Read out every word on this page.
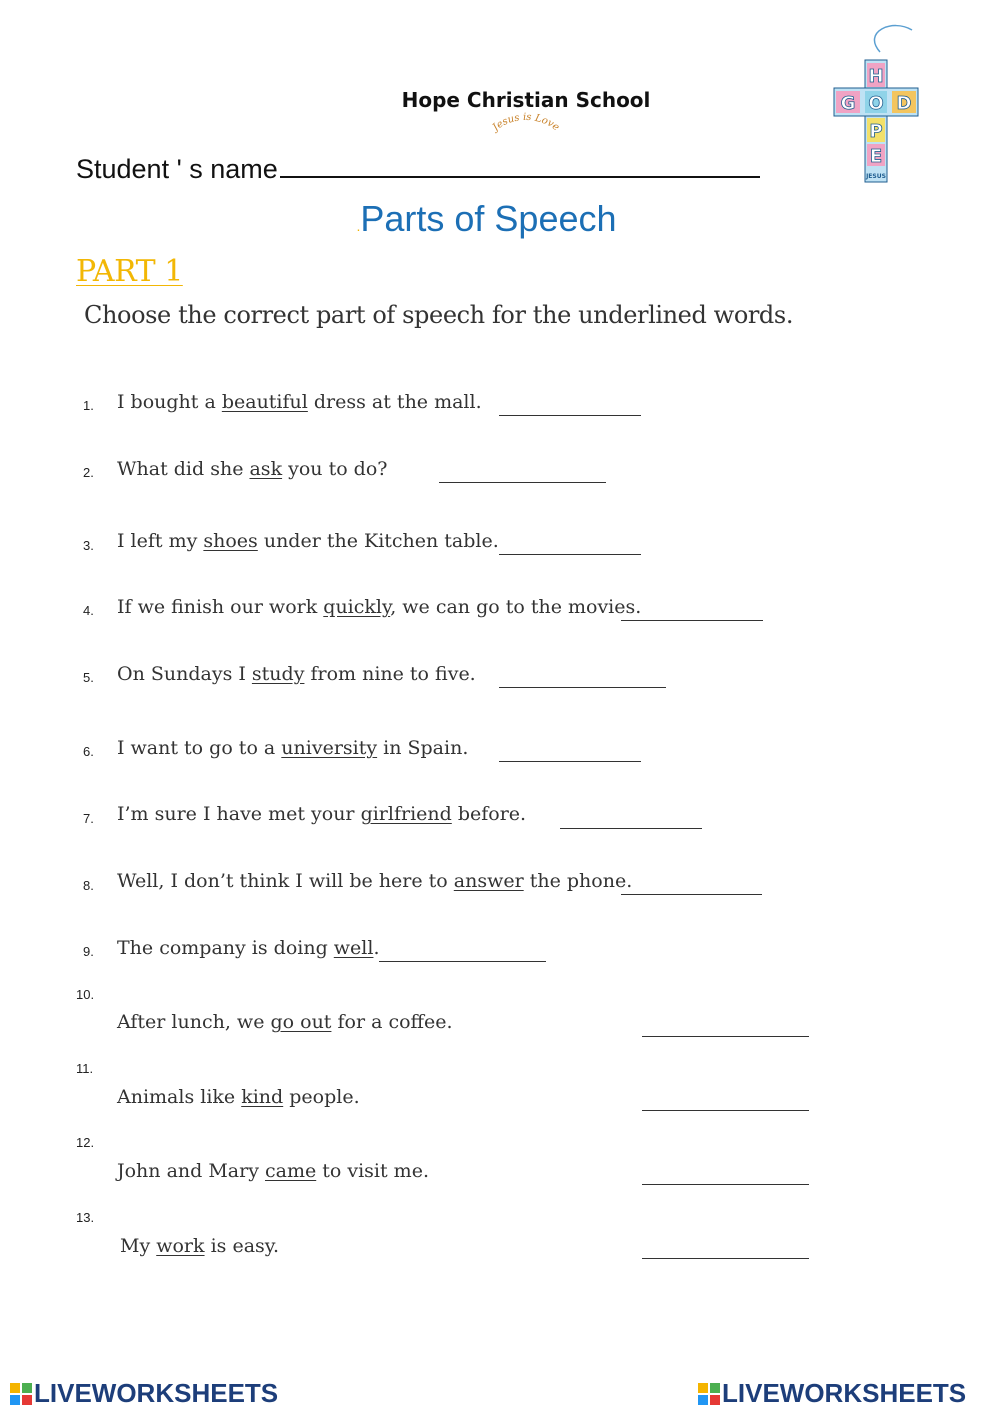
Hope Christian School
Jesus is Love
H
G O D
P
E
JESUS
Student ' s name
.Parts of Speech
PART 1
Choose the correct part of speech for the underlined words.
1. I bought a beautiful dress at the mall.
2. What did she ask you to do?
3. I left my shoes under the Kitchen table.
4. If we finish our work quickly, we can go to the movies.
5. On Sundays I study from nine to five.
6. I want to go to a university in Spain.
7. I’m sure I have met your girlfriend before.
8. Well, I don’t think I will be here to answer the phone.
9. The company is doing well.
10.
After lunch, we go out for a coffee.
11.
Animals like kind people.
12.
John and Mary came to visit me.
13.
My work is easy.
LIVEWORKSHEETS	LIVEWORKSHEETS
